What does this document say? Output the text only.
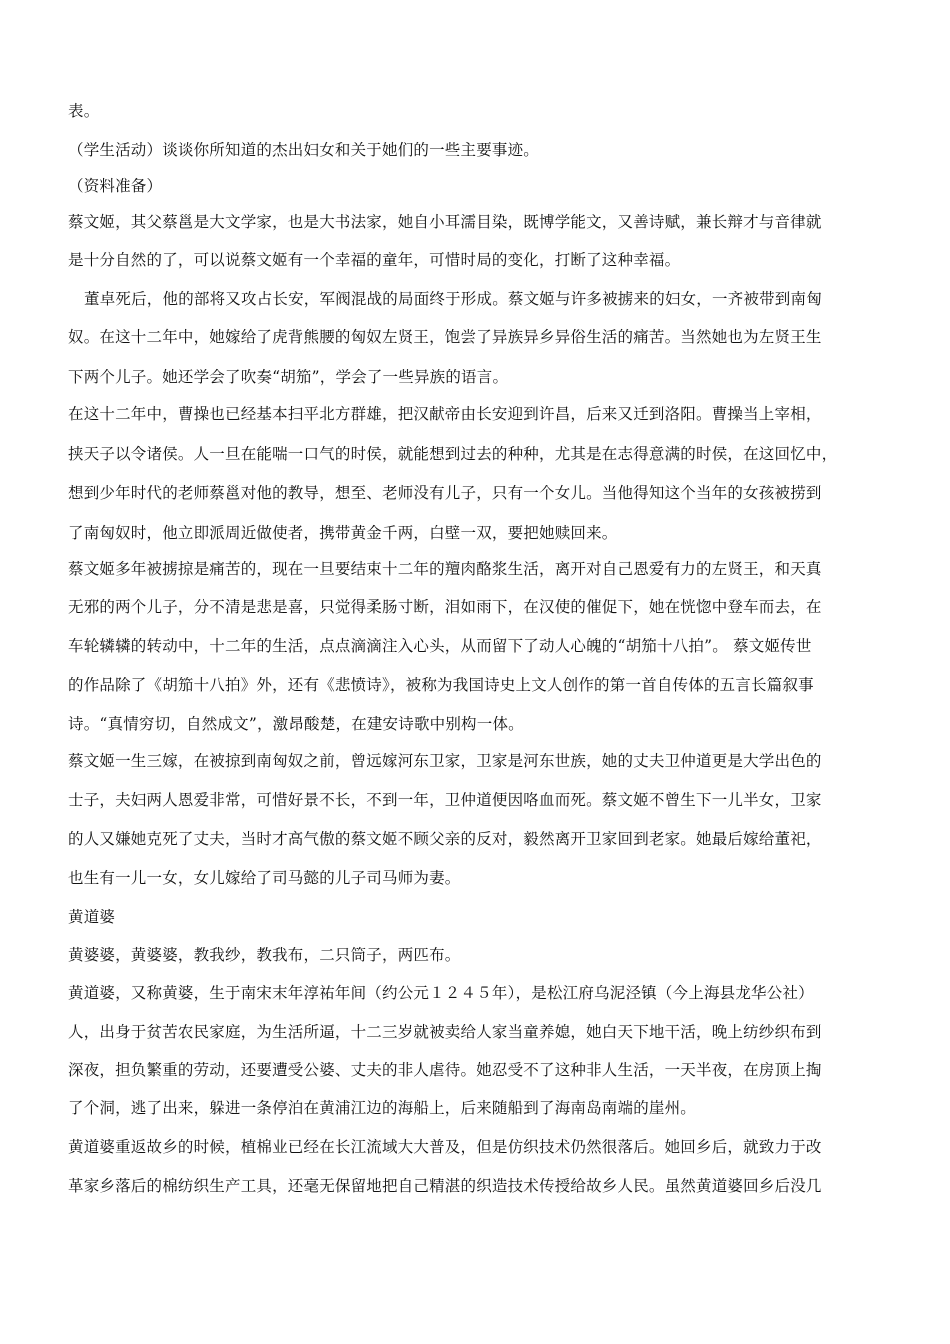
表。
（学生活动）谈谈你所知道的杰出妇女和关于她们的一些主要事迹。
（资料准备）
蔡文姬，其父蔡邕是大文学家，也是大书法家，她自小耳濡目染，既博学能文，又善诗赋，兼长辩才与音律就
是十分自然的了，可以说蔡文姬有一个幸福的童年，可惜时局的变化，打断了这种幸福。
董卓死后，他的部将又攻占长安，军阀混战的局面终于形成。蔡文姬与许多被掳来的妇女，一齐被带到南匈
奴。在这十二年中，她嫁给了虎背熊腰的匈奴左贤王，饱尝了异族异乡异俗生活的痛苦。当然她也为左贤王生
下两个儿子。她还学会了吹奏“胡笳”，学会了一些异族的语言。
在这十二年中，曹操也已经基本扫平北方群雄，把汉献帝由长安迎到许昌，后来又迁到洛阳。曹操当上宰相，
挟天子以令诸侯。人一旦在能喘一口气的时侯，就能想到过去的种种，尤其是在志得意满的时侯，在这回忆中，
想到少年时代的老师蔡邕对他的教导，想至、老师没有儿子，只有一个女儿。当他得知这个当年的女孩被捞到
了南匈奴时，他立即派周近做使者，携带黄金千两，白壁一双，要把她赎回来。
蔡文姬多年被掳掠是痛苦的，现在一旦要结束十二年的羶肉酪浆生活，离开对自己恩爱有力的左贤王，和天真
无邪的两个儿子，分不清是悲是喜，只觉得柔肠寸断，泪如雨下，在汉使的催促下，她在恍惚中登车而去，在
车轮辚辚的转动中，十二年的生活，点点滴滴注入心头，从而留下了动人心魄的“胡笳十八拍”。 蔡文姬传世
的作品除了《胡笳十八拍》外，还有《悲愤诗》，被称为我国诗史上文人创作的第一首自传体的五言长篇叙事
诗。“真情穷切，自然成文”，激昂酸楚，在建安诗歌中别构一体。
蔡文姬一生三嫁，在被掠到南匈奴之前，曾远嫁河东卫家，卫家是河东世族，她的丈夫卫仲道更是大学出色的
士子，夫妇两人恩爱非常，可惜好景不长，不到一年，卫仲道便因咯血而死。蔡文姬不曾生下一儿半女，卫家
的人又嫌她克死了丈夫，当时才高气傲的蔡文姬不顾父亲的反对，毅然离开卫家回到老家。她最后嫁给董祀，
也生有一儿一女，女儿嫁给了司马懿的儿子司马师为妻。
黄道婆
黄婆婆，黄婆婆，教我纱，教我布，二只筒子，两匹布。
黄道婆，又称黄婆，生于南宋末年淳祐年间（约公元１２４５年），是松江府乌泥泾镇（今上海县龙华公社）
人，出身于贫苦农民家庭，为生活所逼，十二三岁就被卖给人家当童养媳，她白天下地干活，晚上纺纱织布到
深夜，担负繁重的劳动，还要遭受公婆、丈夫的非人虐待。她忍受不了这种非人生活，一天半夜，在房顶上掏
了个洞，逃了出来，躲进一条停泊在黄浦江边的海船上，后来随船到了海南岛南端的崖州。
黄道婆重返故乡的时候，植棉业已经在长江流域大大普及，但是仿织技术仍然很落后。她回乡后，就致力于改
革家乡落后的棉纺织生产工具，还毫无保留地把自己精湛的织造技术传授给故乡人民。虽然黄道婆回乡后没几
